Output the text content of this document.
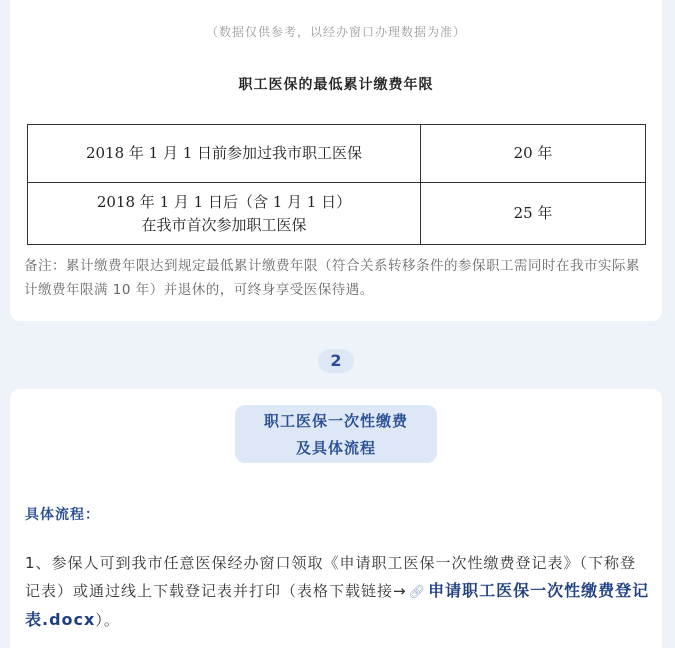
（数据仅供参考，以经办窗口办理数据为准）
职工医保的最低累计缴费年限
2018 年 1 月 1 日前参加过我市职工医保	20 年

2018 年 1 月 1 日后（含 1 月 1 日）
在我市首次参加职工医保	25 年

备注：累计缴费年限达到规定最低累计缴费年限（符合关系转移条件的参保职工需同时在我市实际累计缴费年限满 10 年）并退休的，可终身享受医保待遇。

2
职工医保一次性缴费
及具体流程
具体流程：

1、参保人可到我市任意医保经办窗口领取《申请职工医保一次性缴费登记表》（下称登记表）或通过线上下载登记表并打印（表格下载链接→ 🔗︎ 申请职工医保一次性缴费登记表.docx）。
